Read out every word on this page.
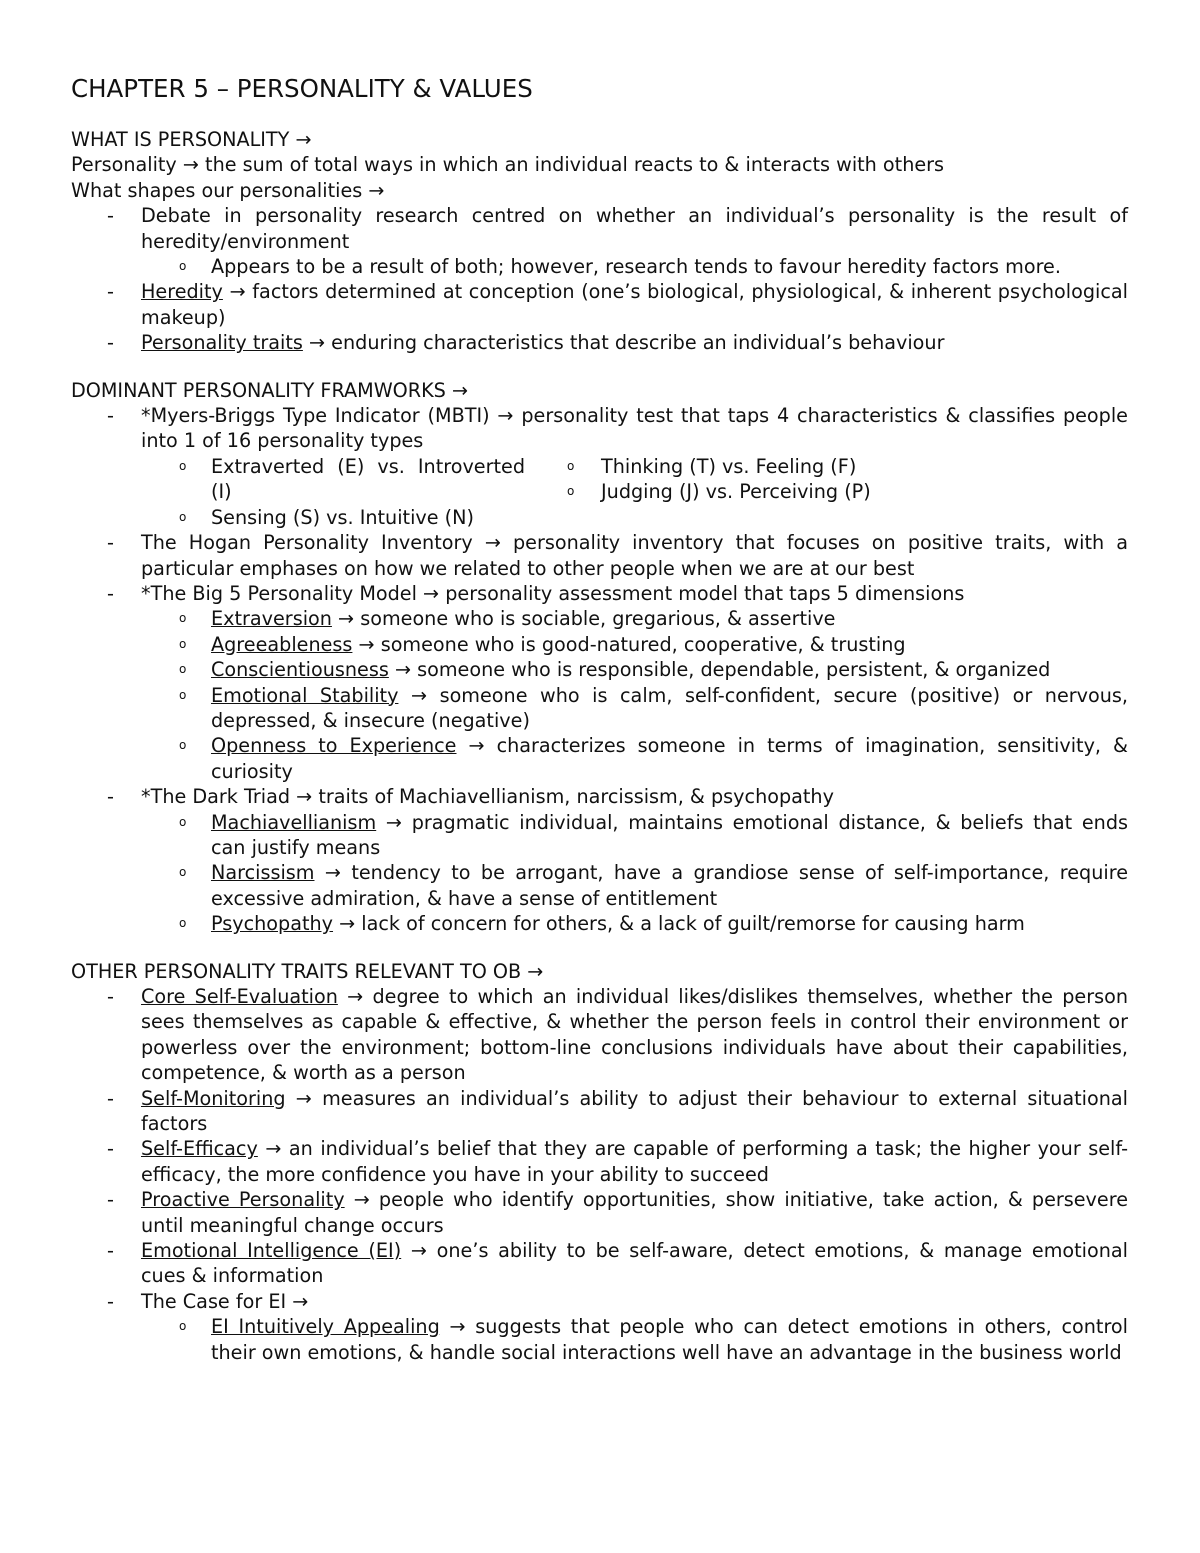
CHAPTER 5 – PERSONALITY & VALUES
WHAT IS PERSONALITY →
Personality → the sum of total ways in which an individual reacts to & interacts with others
What shapes our personalities →
-	Debate in personality research centred on whether an individual’s personality is the result of heredity/environment
o	Appears to be a result of both; however, research tends to favour heredity factors more.
-	Heredity → factors determined at conception (one’s biological, physiological, & inherent psychological makeup)
-	Personality traits → enduring characteristics that describe an individual’s behaviour
DOMINANT PERSONALITY FRAMWORKS →
-	*Myers-Briggs Type Indicator (MBTI) → personality test that taps 4 characteristics & classifies people into 1 of 16 personality types
o	Extraverted (E) vs. Introverted (I)
o	Sensing (S) vs. Intuitive (N)
o	Thinking (T) vs. Feeling (F)
o	Judging (J) vs. Perceiving (P)
-	The Hogan Personality Inventory → personality inventory that focuses on positive traits, with a particular emphases on how we related to other people when we are at our best
-	*The Big 5 Personality Model → personality assessment model that taps 5 dimensions
o	Extraversion → someone who is sociable, gregarious, & assertive
o	Agreeableness → someone who is good-natured, cooperative, & trusting
o	Conscientiousness → someone who is responsible, dependable, persistent, & organized
o	Emotional Stability → someone who is calm, self-confident, secure (positive) or nervous, depressed, & insecure (negative)
o	Openness to Experience → characterizes someone in terms of imagination, sensitivity, & curiosity
-	*The Dark Triad → traits of Machiavellianism, narcissism, & psychopathy
o	Machiavellianism → pragmatic individual, maintains emotional distance, & beliefs that ends can justify means
o	Narcissism → tendency to be arrogant, have a grandiose sense of self-importance, require excessive admiration, & have a sense of entitlement
o	Psychopathy → lack of concern for others, & a lack of guilt/remorse for causing harm
OTHER PERSONALITY TRAITS RELEVANT TO OB →
-	Core Self-Evaluation → degree to which an individual likes/dislikes themselves, whether the person sees themselves as capable & effective, & whether the person feels in control their environment or powerless over the environment; bottom-line conclusions individuals have about their capabilities, competence, & worth as a person
-	Self-Monitoring → measures an individual’s ability to adjust their behaviour to external situational factors
-	Self-Efficacy → an individual’s belief that they are capable of performing a task; the higher your self-efficacy, the more confidence you have in your ability to succeed
-	Proactive Personality → people who identify opportunities, show initiative, take action, & persevere until meaningful change occurs
-	Emotional Intelligence (EI) → one’s ability to be self-aware, detect emotions, & manage emotional cues & information
-	The Case for EI →
o	EI Intuitively Appealing → suggests that people who can detect emotions in others, control their own emotions, & handle social interactions well have an advantage in the business world
